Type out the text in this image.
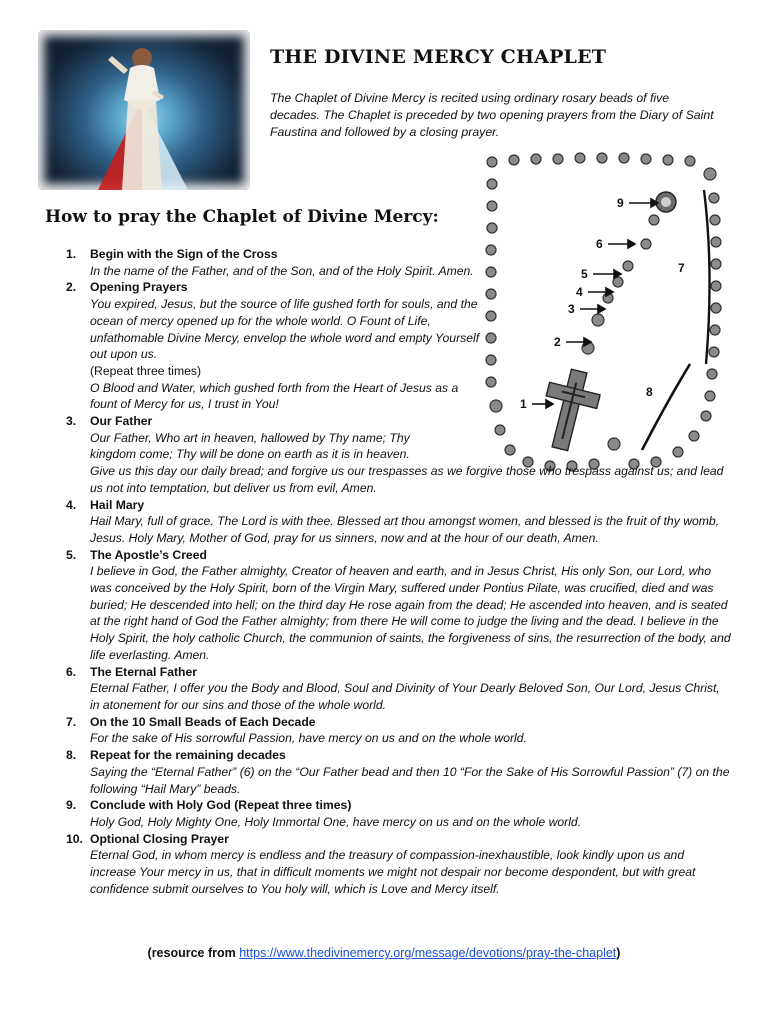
THE DIVINE MERCY CHAPLET
The Chaplet of Divine Mercy is recited using ordinary rosary beads of five decades. The Chaplet is preceded by two opening prayers from the Diary of Saint Faustina and followed by a closing prayer.
How to pray the Chaplet of Divine Mercy:
9
6
5
4
3
2
1
7
8
1. Begin with the Sign of the Cross
In the name of the Father, and of the Son, and of the Holy Spirit. Amen.
2. Opening Prayers
You expired, Jesus, but the source of life gushed forth for souls, and the ocean of mercy opened up for the whole world. O Fount of Life, unfathomable Divine Mercy, envelop the whole word and empty Yourself out upon us.
(Repeat three times)
O Blood and Water, which gushed forth from the Heart of Jesus as a fount of Mercy for us, I trust in You!
3. Our Father
Our Father, Who art in heaven, hallowed by Thy name; Thy kingdom come; Thy will be done on earth as it is in heaven.
Give us this day our daily bread; and forgive us our trespasses as we forgive those who trespass against us; and lead us not into temptation, but deliver us from evil, Amen.
4. Hail Mary
Hail Mary, full of grace. The Lord is with thee. Blessed art thou amongst women, and blessed is the fruit of thy womb, Jesus. Holy Mary, Mother of God, pray for us sinners, now and at the hour of our death, Amen.
5. The Apostle’s Creed
I believe in God, the Father almighty, Creator of heaven and earth, and in Jesus Christ, His only Son, our Lord, who was conceived by the Holy Spirit, born of the Virgin Mary, suffered under Pontius Pilate, was crucified, died and was buried; He descended into hell; on the third day He rose again from the dead; He ascended into heaven, and is seated at the right hand of God the Father almighty; from there He will come to judge the living and the dead. I believe in the Holy Spirit, the holy catholic Church, the communion of saints, the forgiveness of sins, the resurrection of the body, and life everlasting. Amen.
6. The Eternal Father
Eternal Father, I offer you the Body and Blood, Soul and Divinity of Your Dearly Beloved Son, Our Lord, Jesus Christ, in atonement for our sins and those of the whole world.
7. On the 10 Small Beads of Each Decade
For the sake of His sorrowful Passion, have mercy on us and on the whole world.
8. Repeat for the remaining decades
Saying the “Eternal Father” (6) on the “Our Father bead and then 10 “For the Sake of His Sorrowful Passion” (7) on the following “Hail Mary” beads.
9. Conclude with Holy God (Repeat three times)
Holy God, Holy Mighty One, Holy Immortal One, have mercy on us and on the whole world.
10. Optional Closing Prayer
Eternal God, in whom mercy is endless and the treasury of compassion-inexhaustible, look kindly upon us and increase Your mercy in us, that in difficult moments we might not despair nor become despondent, but with great confidence submit ourselves to You holy will, which is Love and Mercy itself.
(resource from https://www.thedivinemercy.org/message/devotions/pray-the-chaplet)
